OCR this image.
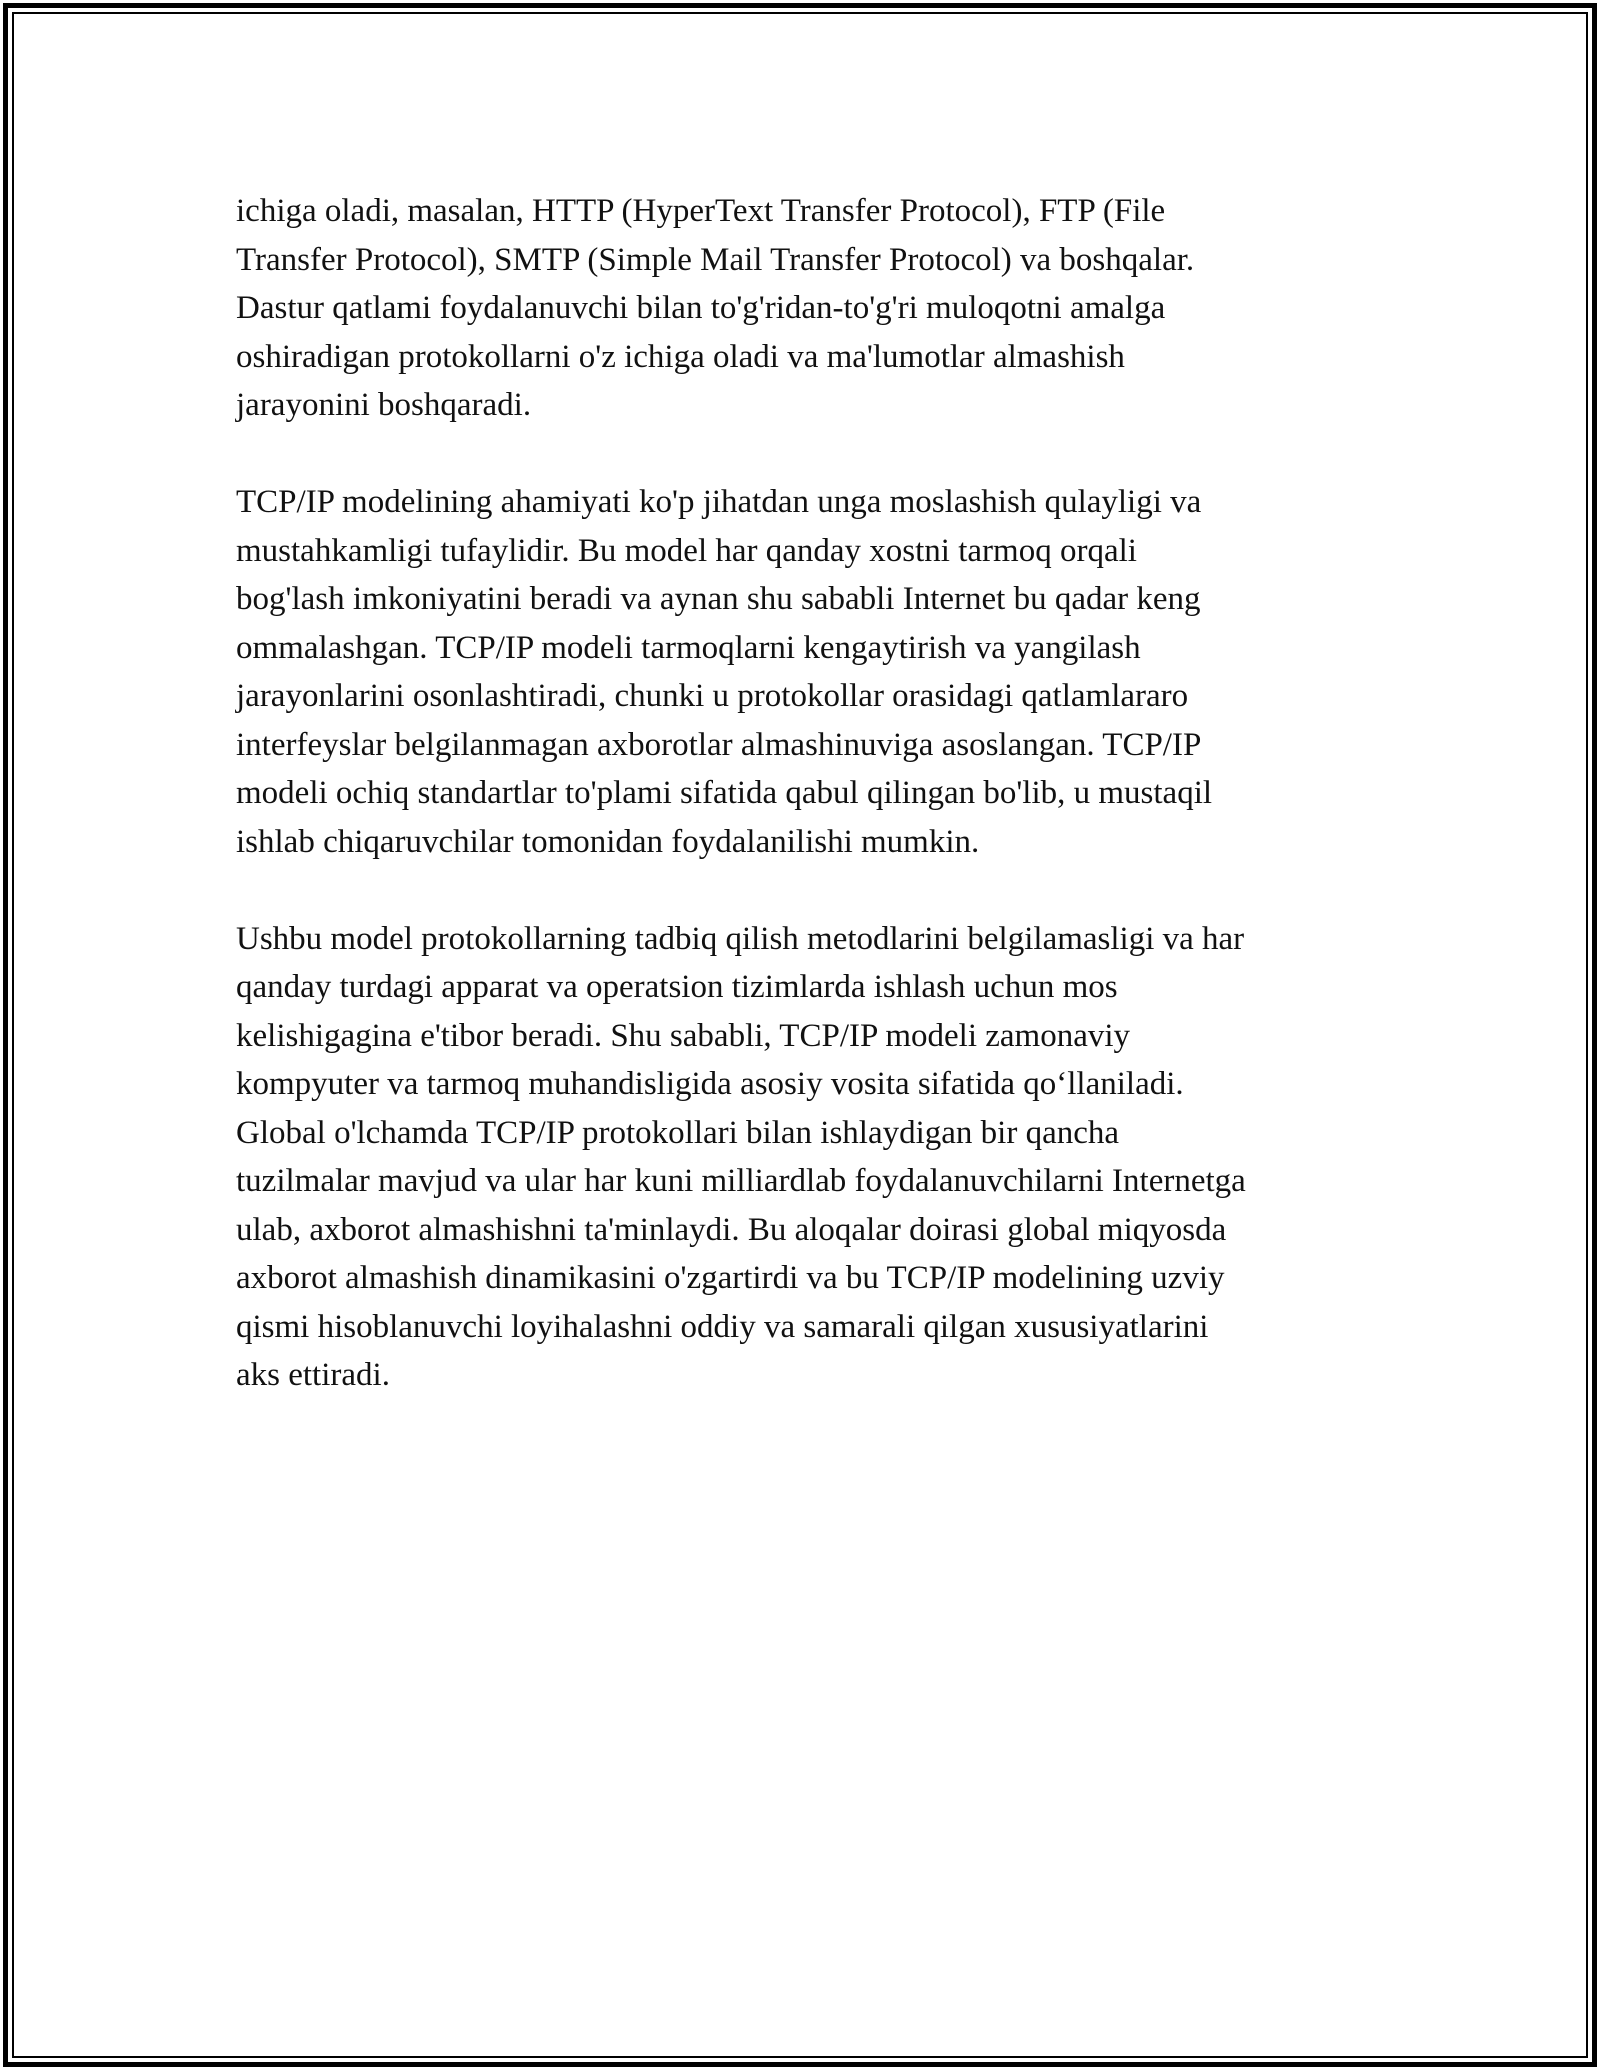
ichiga oladi, masalan, HTTP (HyperText Transfer Protocol), FTP (File
Transfer Protocol), SMTP (Simple Mail Transfer Protocol) va boshqalar.
Dastur qatlami foydalanuvchi bilan to'g'ridan-to'g'ri muloqotni amalga
oshiradigan protokollarni o'z ichiga oladi va ma'lumotlar almashish
jarayonini boshqaradi.

TCP/IP modelining ahamiyati ko'p jihatdan unga moslashish qulayligi va
mustahkamligi tufaylidir. Bu model har qanday xostni tarmoq orqali
bog'lash imkoniyatini beradi va aynan shu sababli Internet bu qadar keng
ommalashgan. TCP/IP modeli tarmoqlarni kengaytirish va yangilash
jarayonlarini osonlashtiradi, chunki u protokollar orasidagi qatlamlararo
interfeyslar belgilanmagan axborotlar almashinuviga asoslangan. TCP/IP
modeli ochiq standartlar to'plami sifatida qabul qilingan bo'lib, u mustaqil
ishlab chiqaruvchilar tomonidan foydalanilishi mumkin.

Ushbu model protokollarning tadbiq qilish metodlarini belgilamasligi va har
qanday turdagi apparat va operatsion tizimlarda ishlash uchun mos
kelishigagina e'tibor beradi. Shu sababli, TCP/IP modeli zamonaviy
kompyuter va tarmoq muhandisligida asosiy vosita sifatida qo‘llaniladi.
Global o'lchamda TCP/IP protokollari bilan ishlaydigan bir qancha
tuzilmalar mavjud va ular har kuni milliardlab foydalanuvchilarni Internetga
ulab, axborot almashishni ta'minlaydi. Bu aloqalar doirasi global miqyosda
axborot almashish dinamikasini o'zgartirdi va bu TCP/IP modelining uzviy
qismi hisoblanuvchi loyihalashni oddiy va samarali qilgan xususiyatlarini
aks ettiradi.
